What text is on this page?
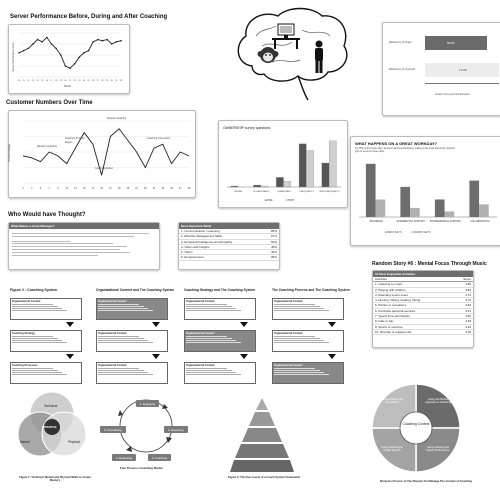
Server Performance Before, During and After Coaching
10	11	12 13 14 15 16 17 18 19 20 21 22 23 24 25 26 27 28 29 30 31 32
Server Performance Score
Month
Efficiency of Team	59.50
Efficiency of Yourself	71.08
Good to Very Good Performance
Customer Numbers Over Time
1	3	5	7	9	11	13	15	17	19	21	23	25	27	29	31	33	35	37	39
Percent Change
Regular Coaching
Coaching Program Begins
Coaching Intervention
Random Coaching
Coaching Ended
OWNERSHIP survey questions
NEVER	OCCASIONALLY	SOMETIMES	FREQUENTLY VERY FREQUENTLY
■ PRE	■ POST
WHAT HAPPENS ON A GREAT WORKDAY?
On 75% of their best days, desired mentioned progress, making it the most frequently reported type of event on those days.
PROGRESS	EXPERIENTIAL SUPPORT INTERPERSONAL SUPPORT	COLLABORATION
■ BEST DAYS	■ WORST DAYS
Who Would have Thought?
What Makes a Great Manager?	Most Important Skills
1. Communication / Listening	85%
2. Effective Management Skills	67%
3. Emotional Intelligence and Empathy	60%
4. Vision and Insights	45%
5. Vision	40%
6. Empowerment	36%
Random Story #6 : Mental Focus Through Music
10 Most Enjoyable Activities
Activities	Score
1. Listening to music	4.89
2. Playing with children	4.84
3. Attending sports event	4.76
4. Hunting, fishing, boating, hiking	4.72
5. Parties or receptions	4.60
6. Purchase personal services	4.51
7. Spend time with friends	4.50
8. Cafe or bar	4.48
9. Sports or exercise	4.40
10. Worship or religious act	4.28
Figure 2 : Coaching System	Organizational Context and The Coaching System	Coaching Strategy and The Coaching System	The Coaching Process and The Coaching System
Organizational Context
Coaching Strategy
Coaching Processes
Organizational Context
Organizational Context
Organizational Context
Organizational Context
Organizational Context
Organizational Context
Organizational Context
Organizational Context
Organizational Context
Technical
Mental	Physical
EXPERTISE
Figure 1: Technical, Mental and Physical Skills to Create Mastery
1. Engaging
2. Assessing
3. Coaching
4. Evaluating
5. Formalising
Five Process Coaching Model
Figure 3: The Five Levels of a Coach System Framework
Coaching Context
Using Coaching as Foundation
Using the Mindful Approach to Coaching
Using Coaching as Higher Performance
Using Coaching to Create Experts
Moment of Focus: In The Moment You Manage The Context of Coaching
